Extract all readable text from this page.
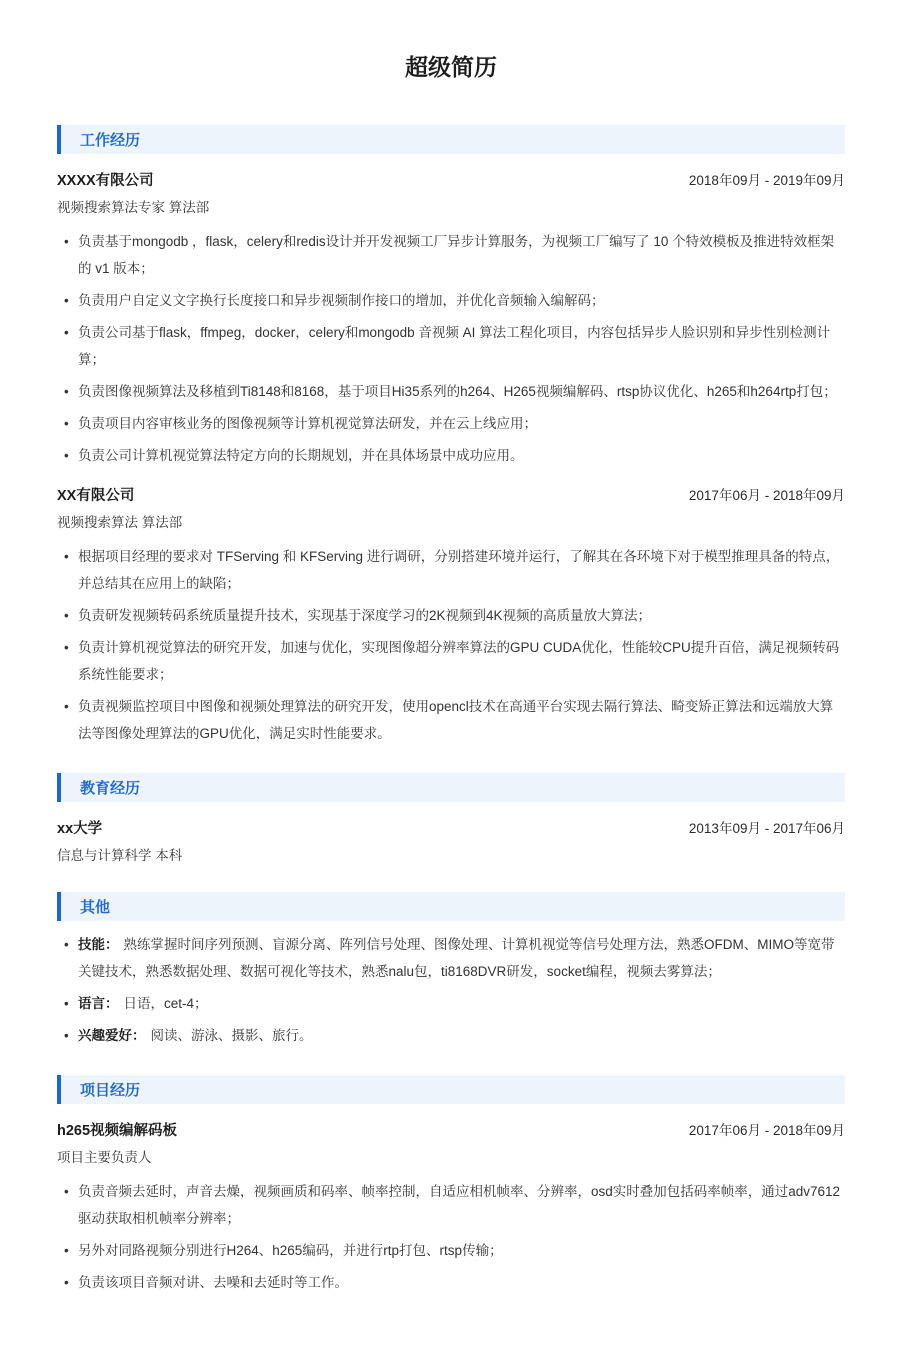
超级简历
工作经历
XXXX有限公司	2018年09月 - 2019年09月
视频搜索算法专家 算法部
• 负责基于mongodb ，flask，celery和redis设计并开发视频工厂异步计算服务，为视频工厂编写了 10 个特效模板及推进特效框架的 v1 版本；
• 负责用户自定义文字换行长度接口和异步视频制作接口的增加，并优化音频输入编解码；
• 负责公司基于flask，ffmpeg，docker，celery和mongodb 音视频 AI 算法工程化项目，内容包括异步人脸识别和异步性别检测计算；
• 负责图像视频算法及移植到Ti8148和8168，基于项目Hi35系列的h264、H265视频编解码、rtsp协议优化、h265和h264rtp打包；
• 负责项目内容审核业务的图像视频等计算机视觉算法研发，并在云上线应用；
• 负责公司计算机视觉算法特定方向的长期规划，并在具体场景中成功应用。
XX有限公司	2017年06月 - 2018年09月
视频搜索算法 算法部
• 根据项目经理的要求对 TFServing 和 KFServing 进行调研，分别搭建环境并运行，了解其在各环境下对于模型推理具备的特点，并总结其在应用上的缺陷；
• 负责研发视频转码系统质量提升技术，实现基于深度学习的2K视频到4K视频的高质量放大算法；
• 负责计算机视觉算法的研究开发，加速与优化，实现图像超分辨率算法的GPU CUDA优化，性能较CPU提升百倍，满足视频转码系统性能要求；
• 负责视频监控项目中图像和视频处理算法的研究开发，使用opencl技术在高通平台实现去隔行算法、畸变矫正算法和远端放大算法等图像处理算法的GPU优化，满足实时性能要求。
教育经历
xx大学	2013年09月 - 2017年06月
信息与计算科学 本科
其他
• 技能： 熟练掌握时间序列预测、盲源分离、阵列信号处理、图像处理、计算机视觉等信号处理方法，熟悉OFDM、MIMO等宽带关键技术，熟悉数据处理、数据可视化等技术，熟悉nalu包，ti8168DVR研发，socket编程，视频去雾算法；
• 语言： 日语，cet-4；
• 兴趣爱好： 阅读、游泳、摄影、旅行。
项目经历
h265视频编解码板	2017年06月 - 2018年09月
项目主要负责人
• 负责音频去延时，声音去燥，视频画质和码率、帧率控制，自适应相机帧率、分辨率，osd实时叠加包括码率帧率，通过adv7612驱动获取相机帧率分辨率；
• 另外对同路视频分别进行H264、h265编码，并进行rtp打包、rtsp传输；
• 负责该项目音频对讲、去噪和去延时等工作。
